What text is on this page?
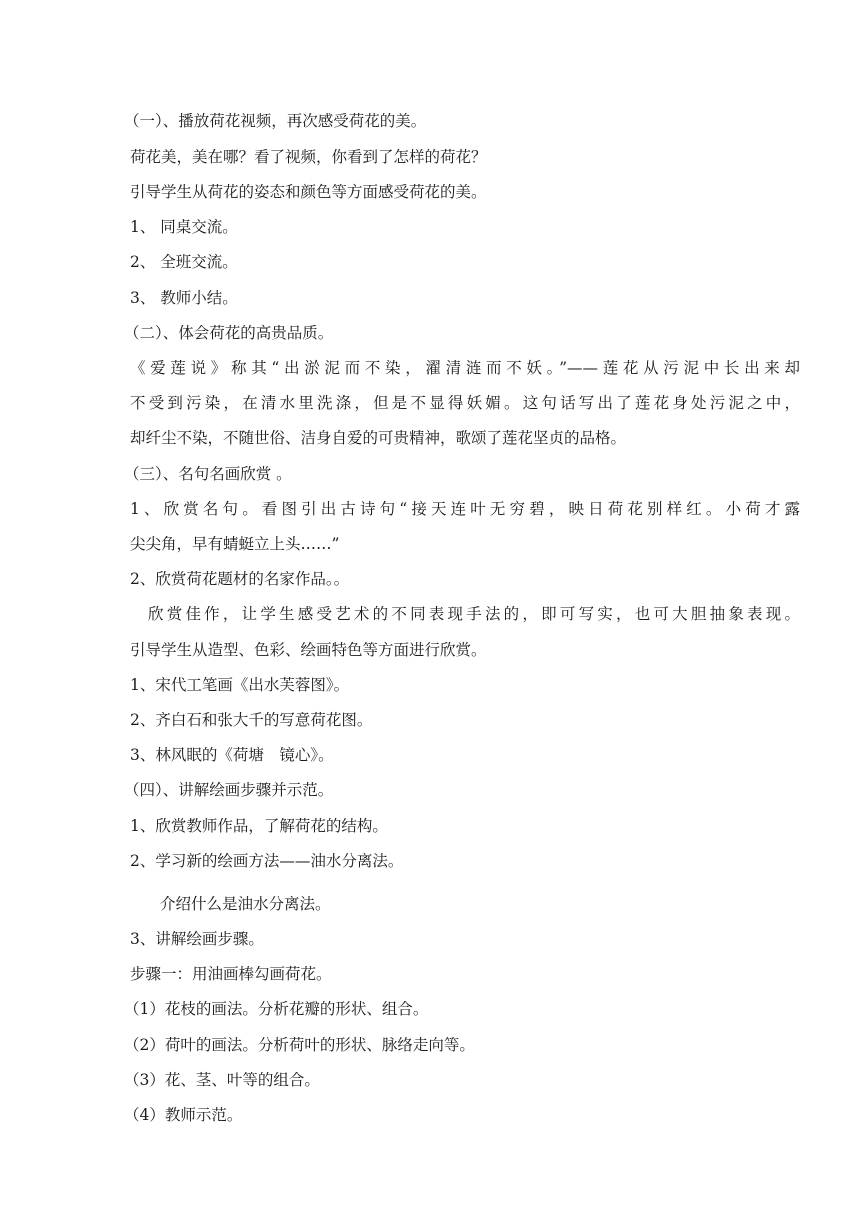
（一）、播放荷花视频，再次感受荷花的美。
荷花美，美在哪？看了视频，你看到了怎样的荷花？
引导学生从荷花的姿态和颜色等方面感受荷花的美。
1、 同桌交流。
2、 全班交流。
3、 教师小结。
（二）、体会荷花的高贵品质。
《爱莲说》称其“出淤泥而不染，濯清涟而不妖。”——莲花从污泥中长出来却
不受到污染，在清水里洗涤，但是不显得妖媚。这句话写出了莲花身处污泥之中，
却纤尘不染，不随世俗、洁身自爱的可贵精神，歌颂了莲花坚贞的品格。
（三）、名句名画欣赏 。
1、欣赏名句。看图引出古诗句“接天连叶无穷碧，映日荷花别样红。小荷才露
尖尖角，早有蜻蜓立上头……”
2、欣赏荷花题材的名家作品。。
欣赏佳作，让学生感受艺术的不同表现手法的，即可写实，也可大胆抽象表现。
引导学生从造型、色彩、绘画特色等方面进行欣赏。
1、宋代工笔画《出水芙蓉图》。
2、齐白石和张大千的写意荷花图。
3、林风眠的《荷塘　镜心》。
（四）、讲解绘画步骤并示范。
1、欣赏教师作品，了解荷花的结构。
2、学习新的绘画方法——油水分离法。
介绍什么是油水分离法。
3、讲解绘画步骤。
步骤一：用油画棒勾画荷花。
（1）花枝的画法。分析花瓣的形状、组合。
（2）荷叶的画法。分析荷叶的形状、脉络走向等。
（3）花、茎、叶等的组合。
（4）教师示范。
